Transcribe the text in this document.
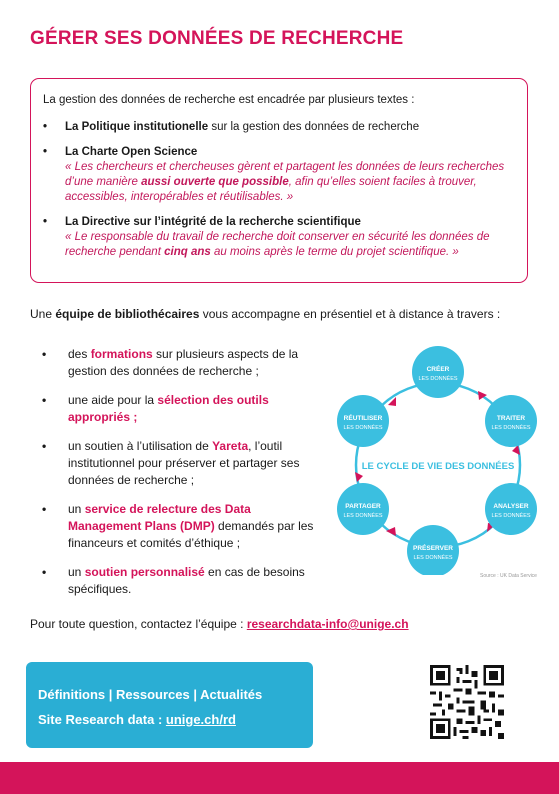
GÉRER SES DONNÉES DE RECHERCHE

La gestion des données de recherche est encadrée par plusieurs textes :

• La Politique institutionelle sur la gestion des données de recherche
• La Charte Open Science
« Les chercheurs et chercheuses gèrent et partagent les données de leurs recherches d’une manière aussi ouverte que possible, afin qu’elles soient faciles à trouver, accessibles, interopérables et réutilisables. »
• La Directive sur l’intégrité de la recherche scientifique
« Le responsable du travail de recherche doit conserver en sécurité les données de recherche pendant cinq ans au moins après le terme du projet scientifique. »

Une équipe de bibliothécaires vous accompagne en présentiel et à distance à travers :

• des formations sur plusieurs aspects de la gestion des données de recherche ;
• une aide pour la sélection des outils appropriés ;
• un soutien à l’utilisation de Yareta, l’outil institutionnel pour préserver et partager ses données de recherche ;
• un service de relecture des Data Management Plans (DMP) demandés par les financeurs et comités d’éthique ;
• un soutien personnalisé en cas de besoins spécifiques.
LE CYCLE DE VIE DES DONNÉES
CRÉER
LES DONNÉES
TRAITER
LES DONNÉES
ANALYSER
LES DONNÉES
PRÉSERVER
LES DONNÉES
PARTAGER
LES DONNÉES
RÉUTILISER
LES DONNÉES
Source : UK Data Service

Pour toute question, contactez l’équipe : researchdata-info@unige.ch

Définitions | Ressources | Actualités
Site Research data : unige.ch/rd
